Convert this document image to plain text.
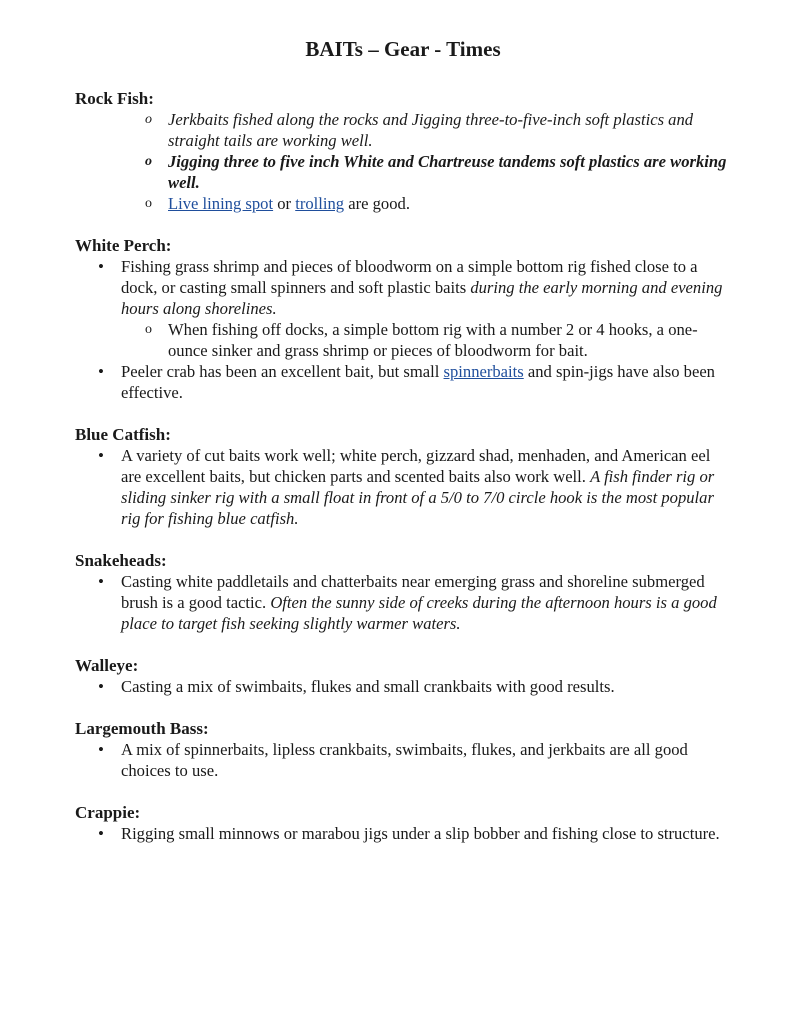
BAITs – Gear - Times
Rock Fish:
o Jerkbaits fished along the rocks and Jigging three-to-five-inch soft plastics and straight tails are working well.
o Jigging three to five inch White and Chartreuse tandems soft plastics are working well.
o Live lining spot or trolling are good.
White Perch:
• Fishing grass shrimp and pieces of bloodworm on a simple bottom rig fished close to a dock, or casting small spinners and soft plastic baits during the early morning and evening hours along shorelines.
o When fishing off docks, a simple bottom rig with a number 2 or 4 hooks, a one-ounce sinker and grass shrimp or pieces of bloodworm for bait.
• Peeler crab has been an excellent bait, but small spinnerbaits and spin-jigs have also been effective.
Blue Catfish:
• A variety of cut baits work well; white perch, gizzard shad, menhaden, and American eel are excellent baits, but chicken parts and scented baits also work well. A fish finder rig or sliding sinker rig with a small float in front of a 5/0 to 7/0 circle hook is the most popular rig for fishing blue catfish.
Snakeheads:
• Casting white paddletails and chatterbaits near emerging grass and shoreline submerged brush is a good tactic. Often the sunny side of creeks during the afternoon hours is a good place to target fish seeking slightly warmer waters.
Walleye:
• Casting a mix of swimbaits, flukes and small crankbaits with good results.
Largemouth Bass:
• A mix of spinnerbaits, lipless crankbaits, swimbaits, flukes, and jerkbaits are all good choices to use.
Crappie:
• Rigging small minnows or marabou jigs under a slip bobber and fishing close to structure.
